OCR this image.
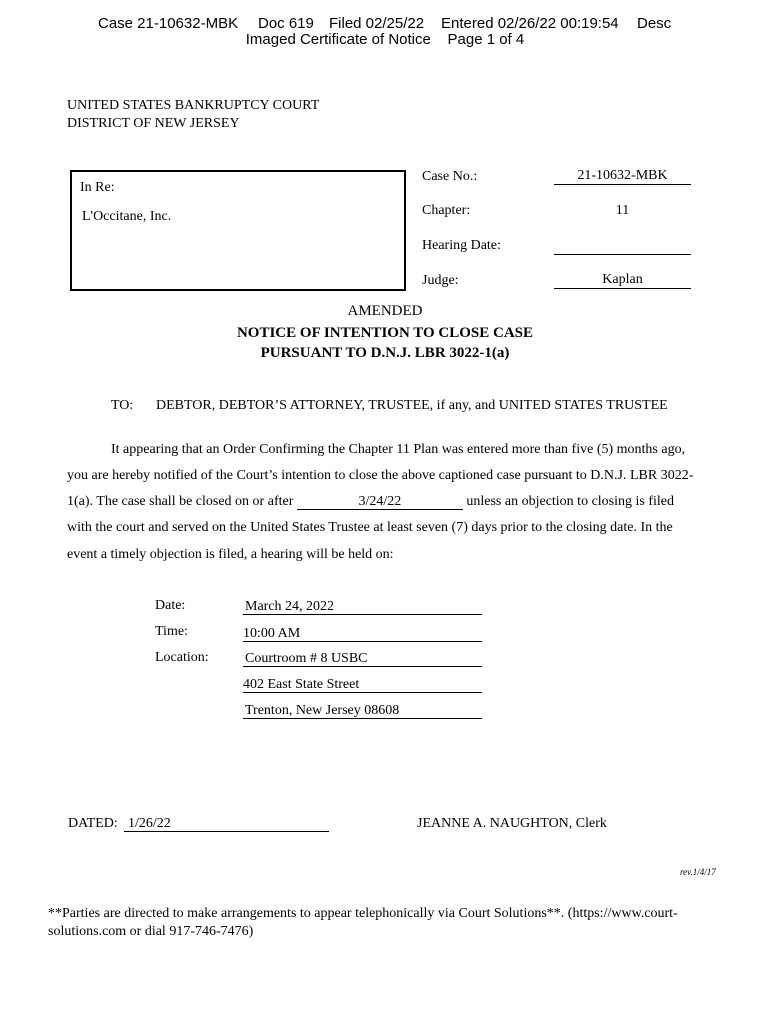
Case 21-10632-MBK Doc 619 Filed 02/25/22 Entered 02/26/22 00:19:54 Desc
Imaged Certificate of Notice    Page 1 of 4
UNITED STATES BANKRUPTCY COURT
DISTRICT OF NEW JERSEY
In Re:
L'Occitane, Inc.
Case No.:	21-10632-MBK
Chapter:	11
Hearing Date:
Judge:	Kaplan
AMENDED
NOTICE OF INTENTION TO CLOSE CASE
PURSUANT TO D.N.J. LBR 3022-1(a)
TO: DEBTOR, DEBTOR’S ATTORNEY, TRUSTEE, if any, and UNITED STATES TRUSTEE
It appearing that an Order Confirming the Chapter 11 Plan was entered more than five (5) months ago,
you are hereby notified of the Court’s intention to close the above captioned case pursuant to D.N.J. LBR 3022-
1(a). The case shall be closed on or after	3/24/22	unless an objection to closing is filed
with the court and served on the United States Trustee at least seven (7) days prior to the closing date. In the
event a timely objection is filed, a hearing will be held on:
Date:	March 24, 2022
Time:	10:00 AM
Location:	Courtroom # 8 USBC
402 East State Street
Trenton, New Jersey 08608
DATED: 1/26/22	JEANNE A. NAUGHTON, Clerk
rev.1/4/17
**Parties are directed to make arrangements to appear telephonically via Court Solutions**. (https://www.court-
solutions.com or dial 917-746-7476)
